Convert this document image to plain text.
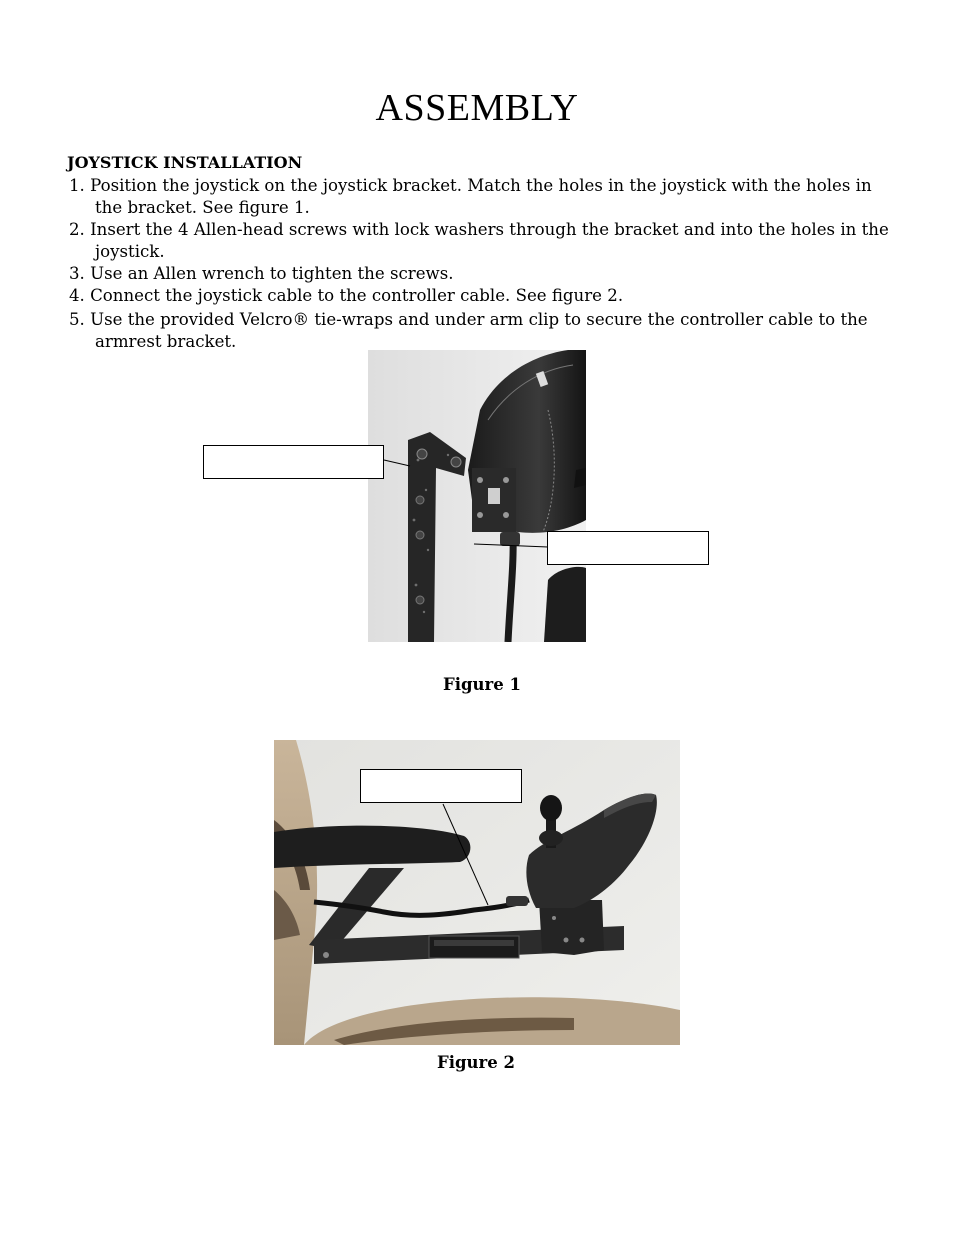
ASSEMBLY
JOYSTICK INSTALLATION
1. Position the joystick on the joystick bracket. Match the holes in the joystick with the holes in the bracket. See figure 1.
2. Insert the 4 Allen-head screws with lock washers through the bracket and into the holes in the joystick.
3. Use an Allen wrench to tighten the screws.
4. Connect the joystick cable to the controller cable. See figure 2.
5. Use the provided Velcro® tie-wraps and under arm clip to secure the controller cable to the armrest bracket.
Figure 1
Figure 2
